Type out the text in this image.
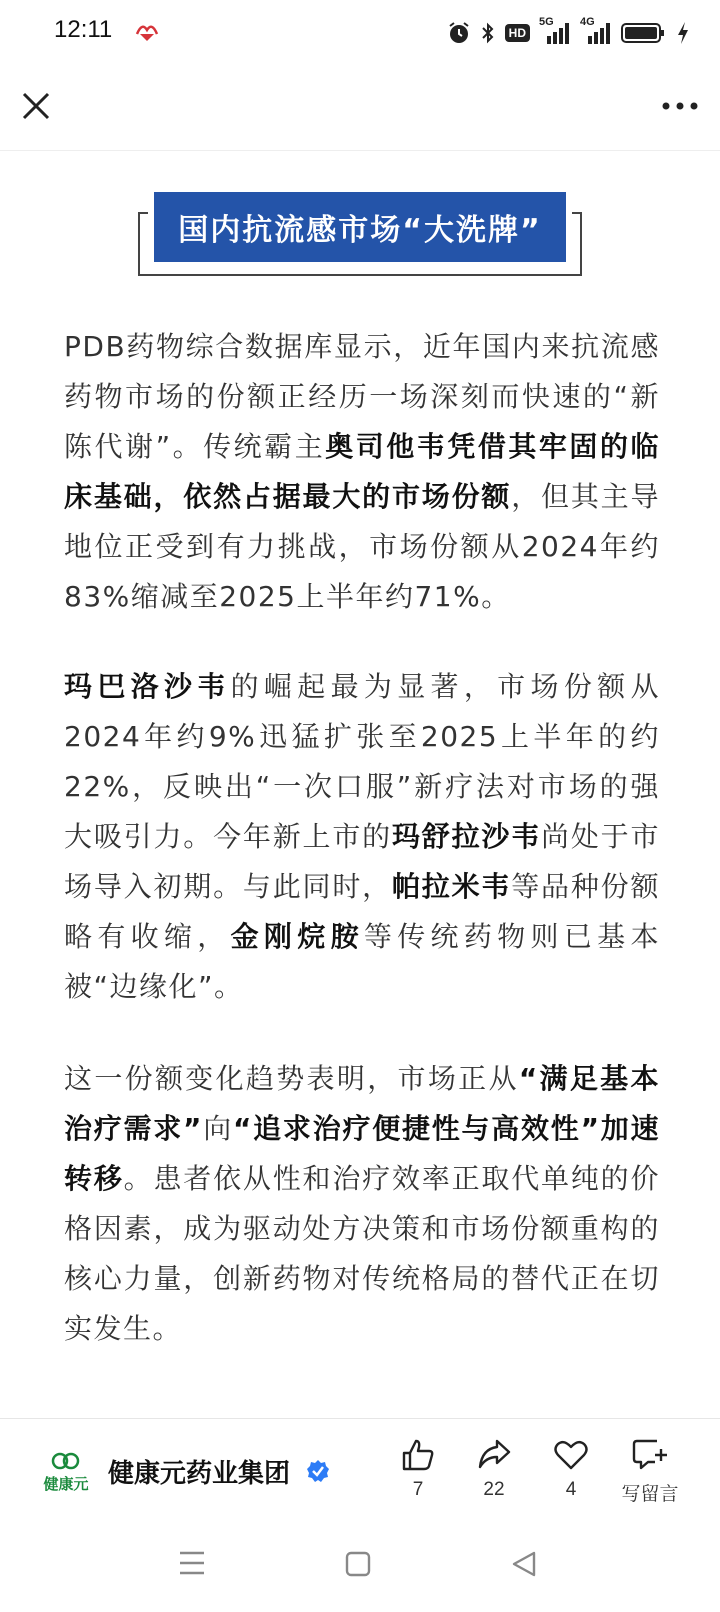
12:11	HD
5G 4G
国内抗流感市场“大洗牌”

PDB药物综合数据库显示，近年国内来抗流感药物市场的份额正经历一场深刻而快速的“新陈代谢”。传统霸主奥司他韦凭借其牢固的临床基础，依然占据最大的市场份额，但其主导地位正受到有力挑战，市场份额从2024年约83%缩减至2025上半年约71%。

玛巴洛沙韦的崛起最为显著，市场份额从2024年约9%迅猛扩张至2025上半年的约22%，反映出“一次口服”新疗法对市场的强大吸引力。今年新上市的玛舒拉沙韦尚处于市场导入初期。与此同时，帕拉米韦等品种份额略有收缩，金刚烷胺等传统药物则已基本被“边缘化”。

这一份额变化趋势表明，市场正从“满足基本治疗需求”向“追求治疗便捷性与高效性”加速转移。患者依从性和治疗效率正取代单纯的价格因素，成为驱动处方决策和市场份额重构的核心力量，创新药物对传统格局的替代正在切实发生。

健康元 健康元药业集团
7	22	4	写留言
